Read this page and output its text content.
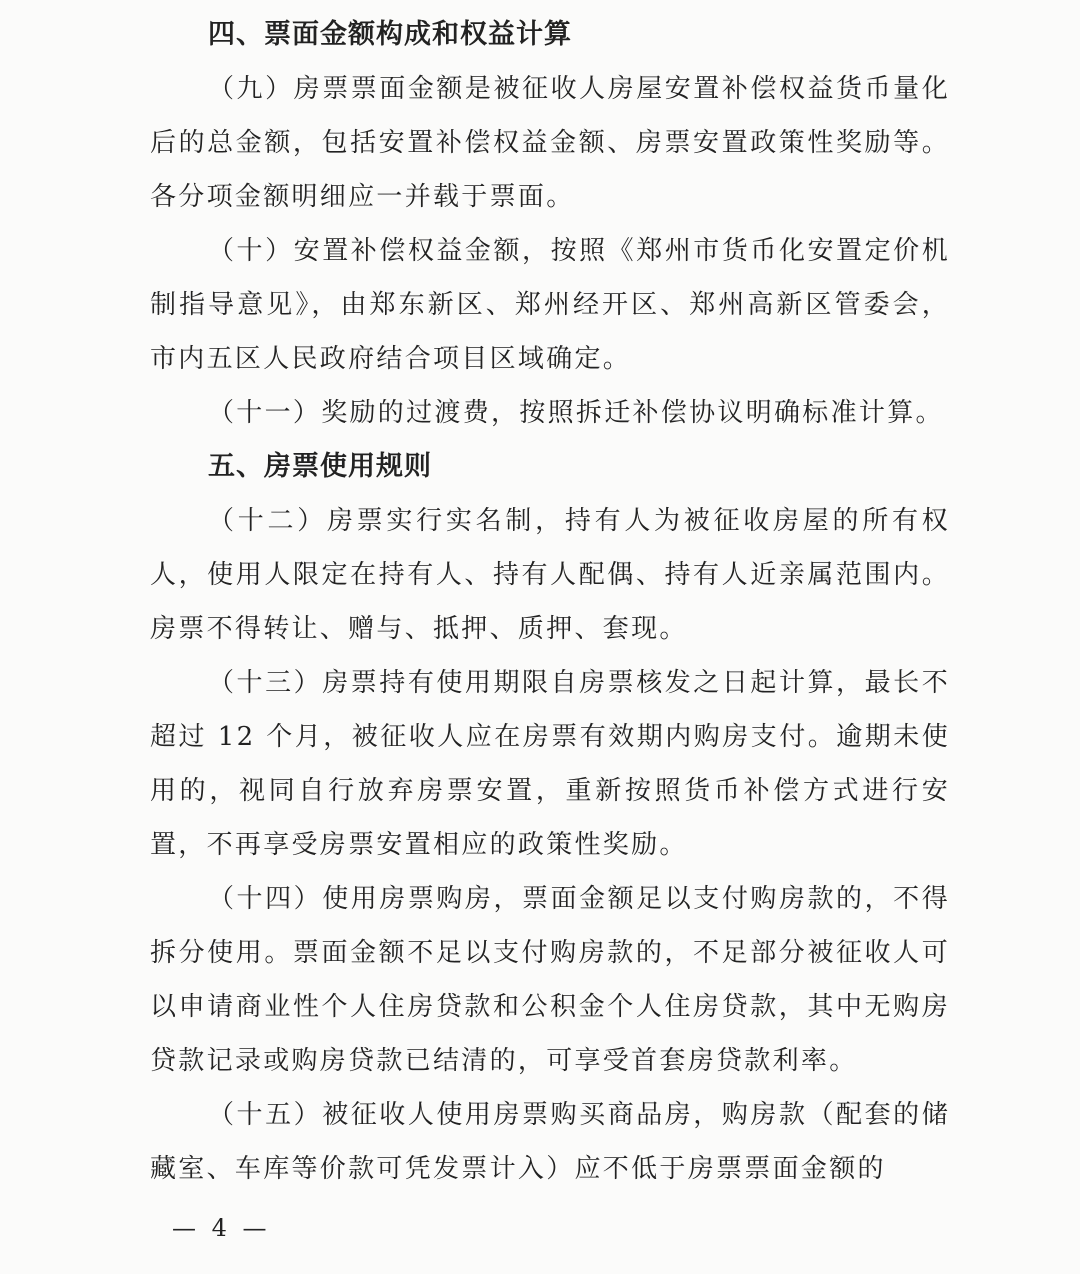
四、票面金额构成和权益计算

（九）房票票面金额是被征收人房屋安置补偿权益货币量化后的总金额，包括安置补偿权益金额、房票安置政策性奖励等。各分项金额明细应一并载于票面。

（十）安置补偿权益金额，按照《郑州市货币化安置定价机制指导意见》，由郑东新区、郑州经开区、郑州高新区管委会，市内五区人民政府结合项目区域确定。

（十一）奖励的过渡费，按照拆迁补偿协议明确标准计算。

五、房票使用规则

（十二）房票实行实名制，持有人为被征收房屋的所有权人，使用人限定在持有人、持有人配偶、持有人近亲属范围内。房票不得转让、赠与、抵押、质押、套现。

（十三）房票持有使用期限自房票核发之日起计算，最长不超过 12 个月，被征收人应在房票有效期内购房支付。逾期未使用的，视同自行放弃房票安置，重新按照货币补偿方式进行安置，不再享受房票安置相应的政策性奖励。

（十四）使用房票购房，票面金额足以支付购房款的，不得拆分使用。票面金额不足以支付购房款的，不足部分被征收人可以申请商业性个人住房贷款和公积金个人住房贷款，其中无购房贷款记录或购房贷款已结清的，可享受首套房贷款利率。

（十五）被征收人使用房票购买商品房，购房款（配套的储藏室、车库等价款可凭发票计入）应不低于房票票面金额的

— 4 —
